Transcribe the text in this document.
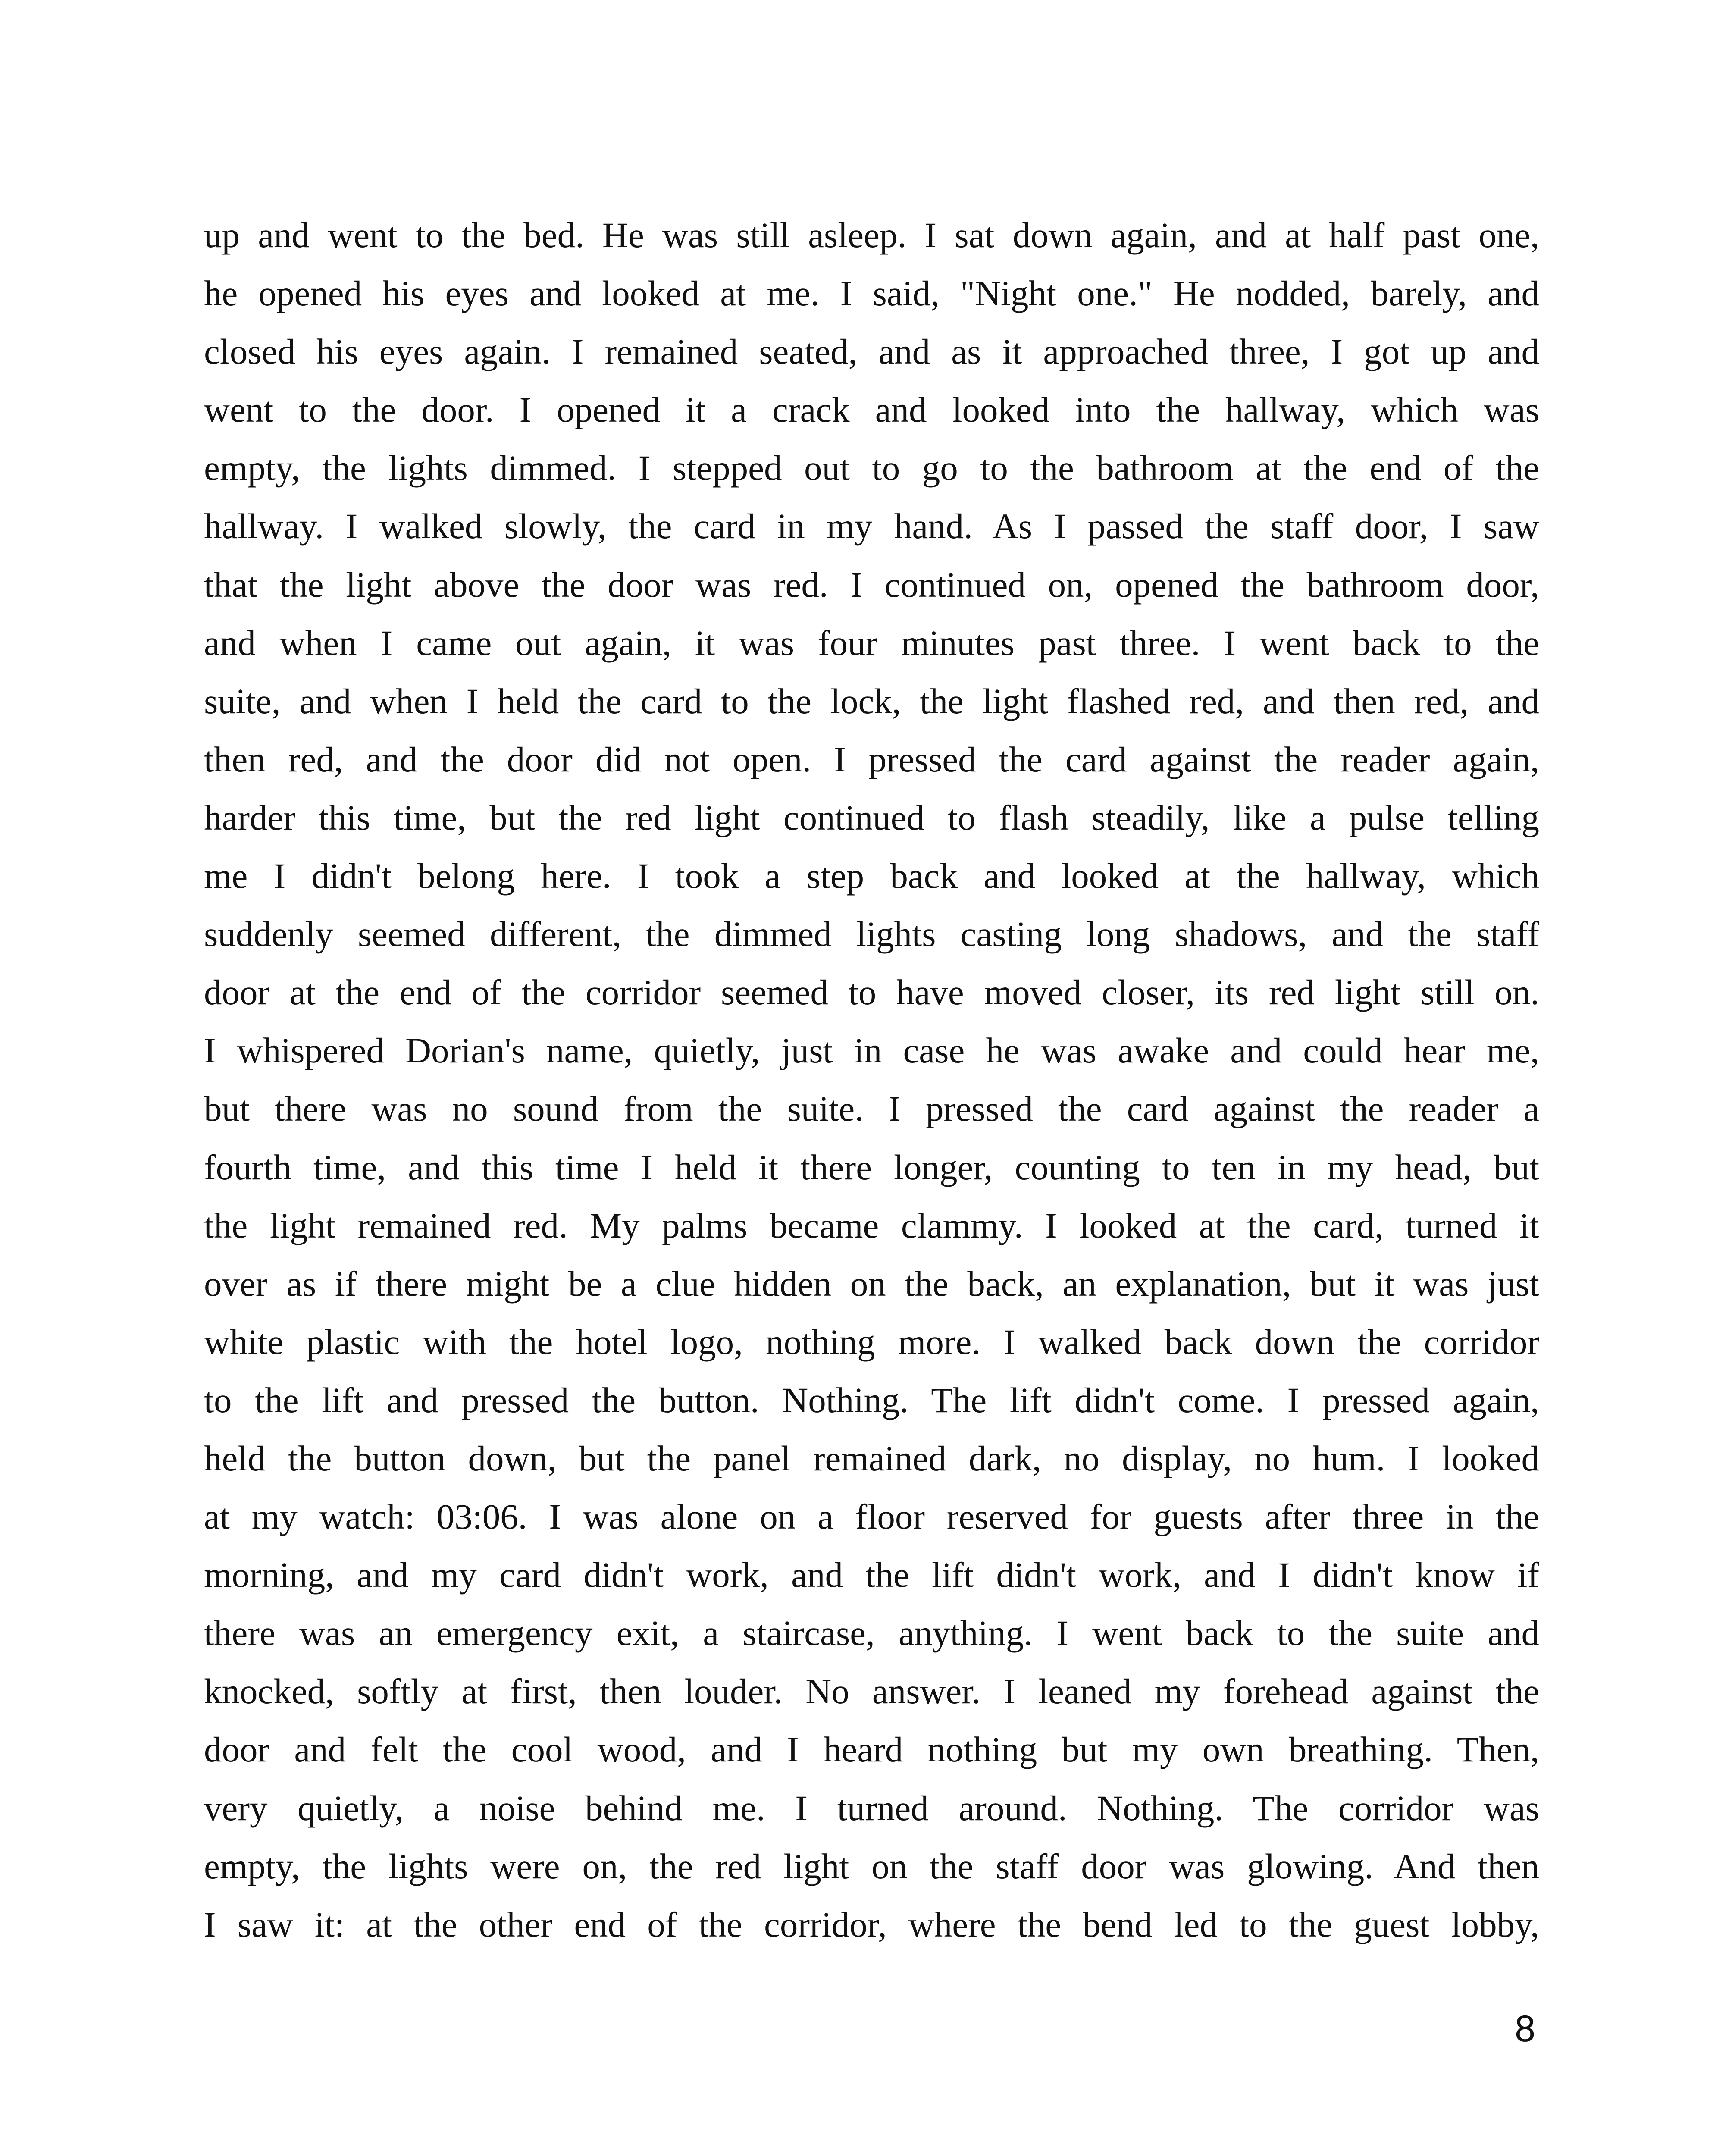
up and went to the bed. He was still asleep. I sat down again, and at half past one,
he opened his eyes and looked at me. I said, "Night one." He nodded, barely, and
closed his eyes again. I remained seated, and as it approached three, I got up and
went to the door. I opened it a crack and looked into the hallway, which was
empty, the lights dimmed. I stepped out to go to the bathroom at the end of the
hallway. I walked slowly, the card in my hand. As I passed the staff door, I saw
that the light above the door was red. I continued on, opened the bathroom door,
and when I came out again, it was four minutes past three. I went back to the
suite, and when I held the card to the lock, the light flashed red, and then red, and
then red, and the door did not open. I pressed the card against the reader again,
harder this time, but the red light continued to flash steadily, like a pulse telling
me I didn't belong here. I took a step back and looked at the hallway, which
suddenly seemed different, the dimmed lights casting long shadows, and the staff
door at the end of the corridor seemed to have moved closer, its red light still on.
I whispered Dorian's name, quietly, just in case he was awake and could hear me,
but there was no sound from the suite. I pressed the card against the reader a
fourth time, and this time I held it there longer, counting to ten in my head, but
the light remained red. My palms became clammy. I looked at the card, turned it
over as if there might be a clue hidden on the back, an explanation, but it was just
white plastic with the hotel logo, nothing more. I walked back down the corridor
to the lift and pressed the button. Nothing. The lift didn't come. I pressed again,
held the button down, but the panel remained dark, no display, no hum. I looked
at my watch: 03:06. I was alone on a floor reserved for guests after three in the
morning, and my card didn't work, and the lift didn't work, and I didn't know if
there was an emergency exit, a staircase, anything. I went back to the suite and
knocked, softly at first, then louder. No answer. I leaned my forehead against the
door and felt the cool wood, and I heard nothing but my own breathing. Then,
very quietly, a noise behind me. I turned around. Nothing. The corridor was
empty, the lights were on, the red light on the staff door was glowing. And then
I saw it: at the other end of the corridor, where the bend led to the guest lobby,
8
